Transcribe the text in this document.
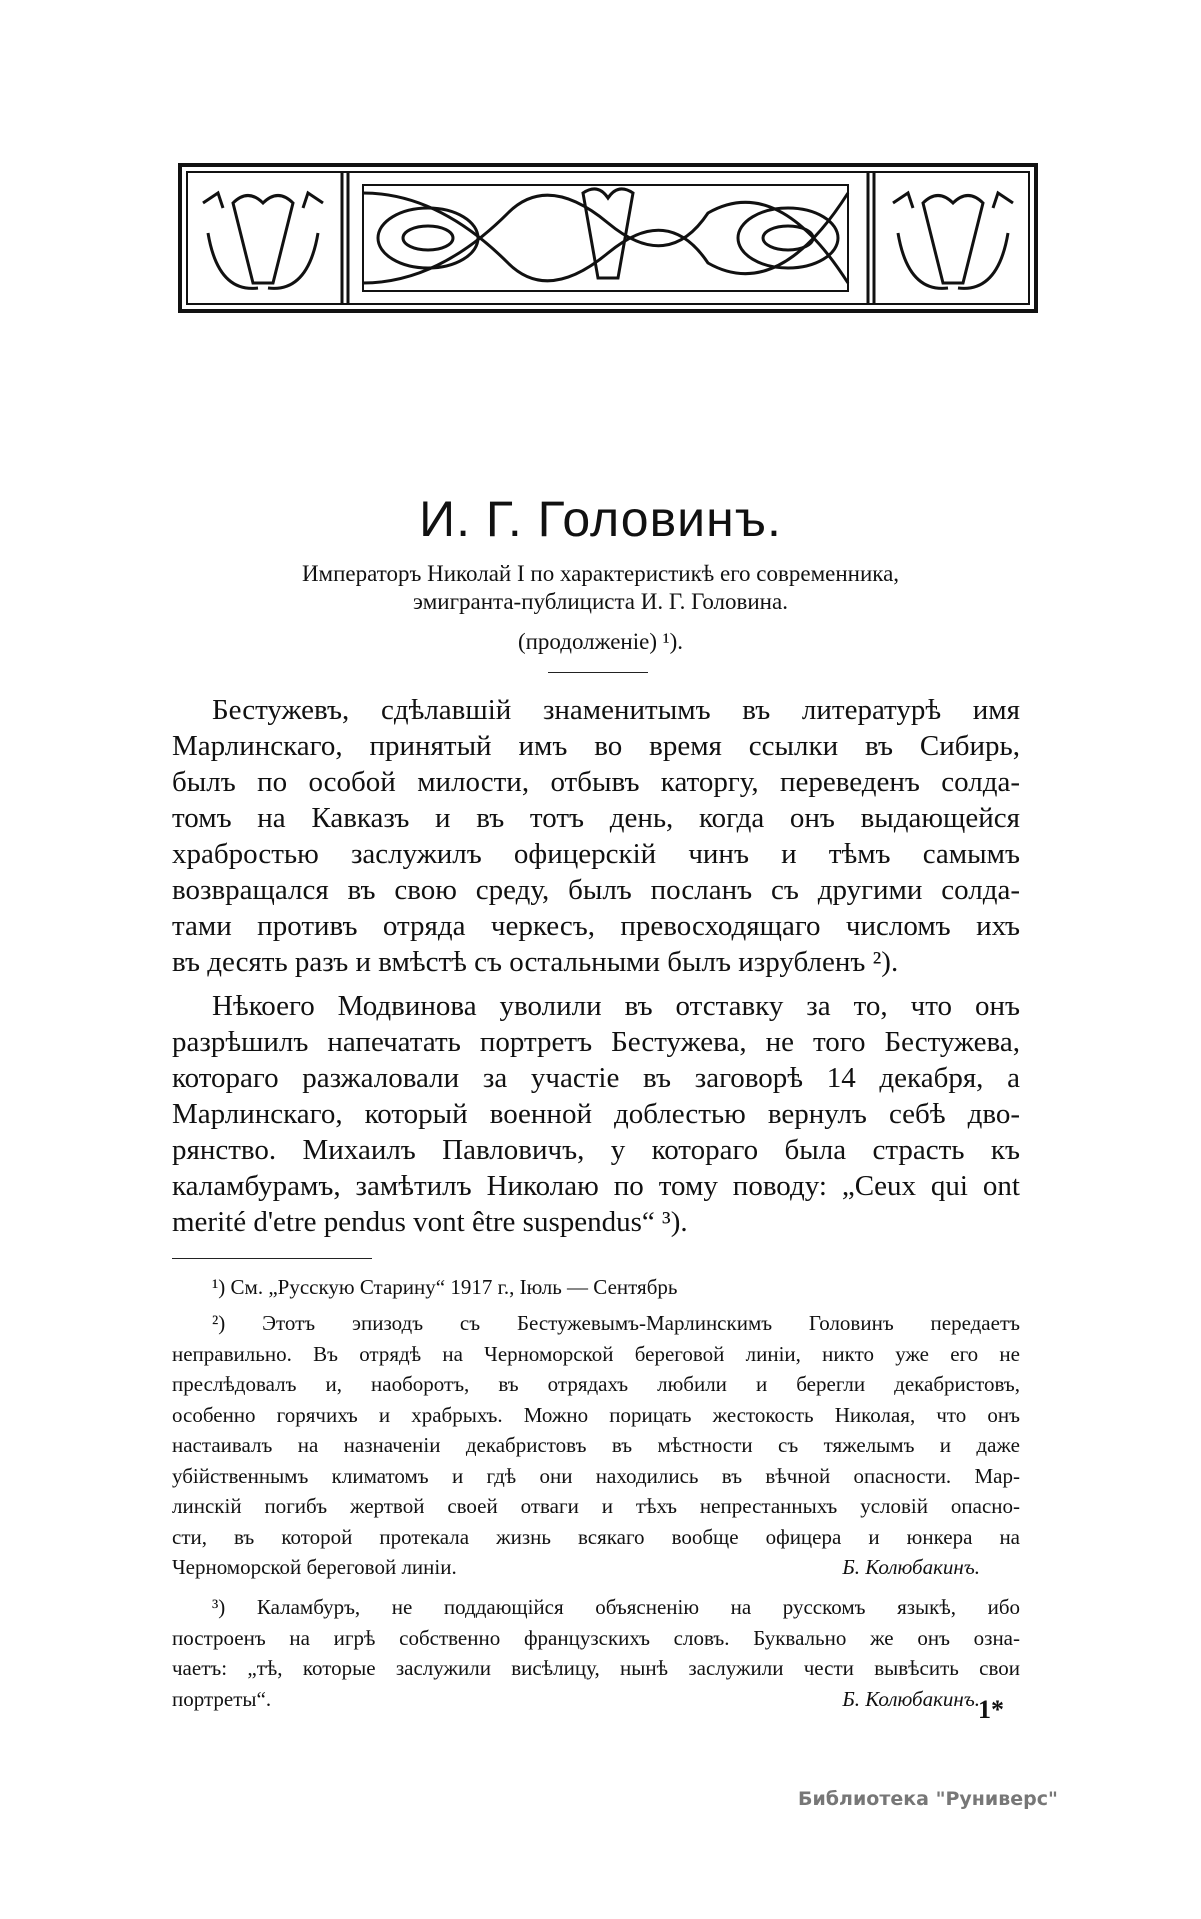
И. Г. Головинъ.
Императоръ Николай I по характеристикѣ его современника,
эмигранта-публициста И. Г. Головина.
(продолженіе) ¹).
Бестужевъ, сдѣлавшій знаменитымъ въ литературѣ имя
Марлинскаго, принятый имъ во время ссылки въ Сибирь,
былъ по особой милости, отбывъ каторгу, переведенъ солда-
томъ на Кавказъ и въ тотъ день, когда онъ выдающейся
храбростью заслужилъ офицерскій чинъ и тѣмъ самымъ
возвращался въ свою среду, былъ посланъ съ другими солда-
тами противъ отряда черкесъ, превосходящаго числомъ ихъ
въ десять разъ и вмѣстѣ съ остальными былъ изрубленъ ²).
Нѣкоего Модвинова уволили въ отставку за то, что онъ
разрѣшилъ напечатать портретъ Бестужева, не того Бестужева,
котораго разжаловали за участіе въ заговорѣ 14 декабря, а
Марлинскаго, который военной доблестью вернулъ себѣ дво-
рянство. Михаилъ Павловичъ, у котораго была страсть къ
каламбурамъ, замѣтилъ Николаю по тому поводу: „Ceux qui ont
merité d'etre pendus vont être suspendus“ ³).
¹) См. „Русскую Старину“ 1917 г., Іюль — Сентябрь
²) Этотъ эпизодъ съ Бестужевымъ-Марлинскимъ Головинъ передаетъ
неправильно. Въ отрядѣ на Черноморской береговой линіи, никто уже его не
преслѣдовалъ и, наоборотъ, въ отрядахъ любили и берегли декабристовъ,
особенно горячихъ и храбрыхъ. Можно порицать жестокость Николая, что онъ
настаивалъ на назначеніи декабристовъ въ мѣстности съ тяжелымъ и даже
убійственнымъ климатомъ и гдѣ они находились въ вѣчной опасности. Мар-
линскій погибъ жертвой своей отваги и тѣхъ непрестанныхъ условій опасно-
сти, въ которой протекала жизнь всякаго вообще офицера и юнкера на
Черноморской береговой линіи.	Б. Колюбакинъ.
³) Каламбуръ, не поддающійся объясненію на русскомъ языкѣ, ибо
построенъ на игрѣ собственно французскихъ словъ. Буквально же онъ озна-
чаетъ: „тѣ, которые заслужили висѣлицу, нынѣ заслужили чести вывѣсить свои
портреты“.	Б. Колюбакинъ.
1*
Библиотека "Руниверс"
